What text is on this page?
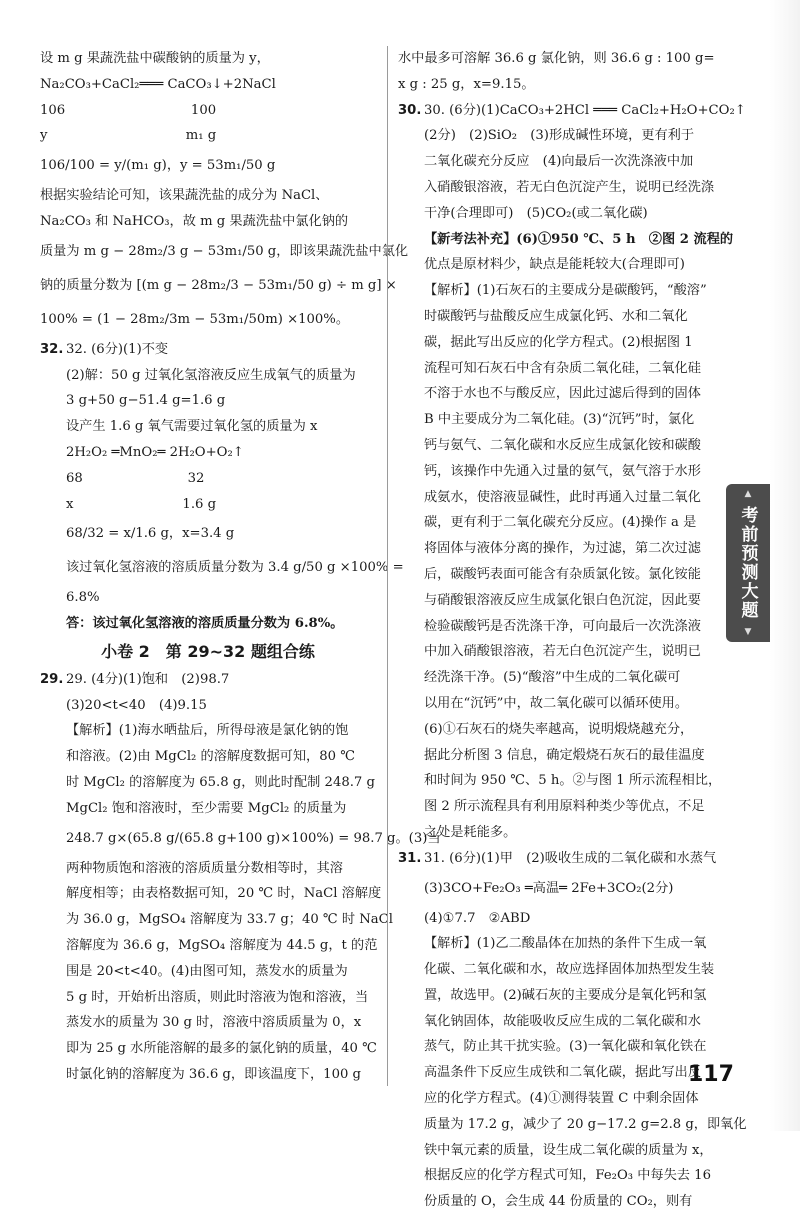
设 m g 果蔬洗盐中碳酸钠的质量为 y，
Na₂CO₃+CaCl₂═══ CaCO₃↓+2NaCl
106                              100
y                                 m₁ g
106/100 = y/(m₁ g)，y = 53m₁/50 g
根据实验结论可知，该果蔬洗盐的成分为 NaCl、
Na₂CO₃ 和 NaHCO₃，故 m g 果蔬洗盐中氯化钠的
质量为 m g − 28m₂/3 g − 53m₁/50 g，即该果蔬洗盐中氯化
钠的质量分数为 [(m g − 28m₂/3 − 53m₁/50 g) ÷ m g] ×
100% = (1 − 28m₂/3m − 53m₁/50m) ×100%。
32. 32. (6分)(1)不变
(2)解：50 g 过氧化氢溶液反应生成氧气的质量为
3 g+50 g−51.4 g=1.6 g
设产生 1.6 g 氧气需要过氧化氢的质量为 x
2H₂O₂ ═MnO₂═ 2H₂O+O₂↑
68                         32
x                          1.6 g
68/32 = x/1.6 g，x=3.4 g
该过氧化氢溶液的溶质质量分数为 3.4 g/50 g ×100% =
6.8%
答：该过氧化氢溶液的溶质质量分数为 6.8%。
小卷 2　第 29~32 题组合练
29. 29. (4分)(1)饱和　(2)98.7
(3)20<t<40　(4)9.15
【解析】(1)海水晒盐后，所得母液是氯化钠的饱
和溶液。(2)由 MgCl₂ 的溶解度数据可知，80 ℃
时 MgCl₂ 的溶解度为 65.8 g，则此时配制 248.7 g
MgCl₂ 饱和溶液时，至少需要 MgCl₂ 的质量为
248.7 g×(65.8 g/(65.8 g+100 g)×100%) = 98.7 g。(3)当
两种物质饱和溶液的溶质质量分数相等时，其溶
解度相等；由表格数据可知，20 ℃ 时，NaCl 溶解度
为 36.0 g，MgSO₄ 溶解度为 33.7 g；40 ℃ 时 NaCl
溶解度为 36.6 g，MgSO₄ 溶解度为 44.5 g，t 的范
围是 20<t<40。(4)由图可知，蒸发水的质量为
5 g 时，开始析出溶质，则此时溶液为饱和溶液，当
蒸发水的质量为 30 g 时，溶液中溶质质量为 0，x
即为 25 g 水所能溶解的最多的氯化钠的质量，40 ℃
时氯化钠的溶解度为 36.6 g，即该温度下，100 g
水中最多可溶解 36.6 g 氯化钠，则 36.6 g : 100 g=
x g : 25 g，x=9.15。
30. 30. (6分)(1)CaCO₃+2HCl ═══ CaCl₂+H₂O+CO₂↑
(2分)　(2)SiO₂　(3)形成碱性环境，更有利于
二氧化碳充分反应　(4)向最后一次洗涤液中加
入硝酸银溶液，若无白色沉淀产生，说明已经洗涤
干净(合理即可)　(5)CO₂(或二氧化碳)
【新考法补充】(6)①950 ℃、5 h　②图 2 流程的
优点是原材料少，缺点是能耗较大(合理即可)
【解析】(1)石灰石的主要成分是碳酸钙，“酸溶”
时碳酸钙与盐酸反应生成氯化钙、水和二氧化
碳，据此写出反应的化学方程式。(2)根据图 1
流程可知石灰石中含有杂质二氧化硅，二氧化硅
不溶于水也不与酸反应，因此过滤后得到的固体
B 中主要成分为二氧化硅。(3)“沉钙”时，氯化
钙与氨气、二氧化碳和水反应生成氯化铵和碳酸
钙，该操作中先通入过量的氨气，氨气溶于水形
成氨水，使溶液显碱性，此时再通入过量二氧化
碳，更有利于二氧化碳充分反应。(4)操作 a 是
将固体与液体分离的操作，为过滤，第二次过滤
后，碳酸钙表面可能含有杂质氯化铵。氯化铵能
与硝酸银溶液反应生成氯化银白色沉淀，因此要
检验碳酸钙是否洗涤干净，可向最后一次洗涤液
中加入硝酸银溶液，若无白色沉淀产生，说明已
经洗涤干净。(5)“酸溶”中生成的二氧化碳可
以用在“沉钙”中，故二氧化碳可以循环使用。
(6)①石灰石的烧失率越高，说明煅烧越充分，
据此分析图 3 信息，确定煅烧石灰石的最佳温度
和时间为 950 ℃、5 h。②与图 1 所示流程相比，
图 2 所示流程具有利用原料种类少等优点，不足
之处是耗能多。
31. 31. (6分)(1)甲　(2)吸收生成的二氧化碳和水蒸气
(3)3CO+Fe₂O₃ ═高温═ 2Fe+3CO₂(2分)
(4)①7.7　②ABD
【解析】(1)乙二酸晶体在加热的条件下生成一氧
化碳、二氧化碳和水，故应选择固体加热型发生装
置，故选甲。(2)碱石灰的主要成分是氧化钙和氢
氧化钠固体，故能吸收反应生成的二氧化碳和水
蒸气，防止其干扰实验。(3)一氧化碳和氧化铁在
高温条件下反应生成铁和二氧化碳，据此写出反
应的化学方程式。(4)①测得装置 C 中剩余固体
质量为 17.2 g，减少了 20 g−17.2 g=2.8 g，即氧化
铁中氧元素的质量，设生成二氧化碳的质量为 x，
根据反应的化学方程式可知，Fe₂O₃ 中每失去 16
份质量的 O，会生成 44 份质量的 CO₂，则有
▲
考前预测大题
▼
117
